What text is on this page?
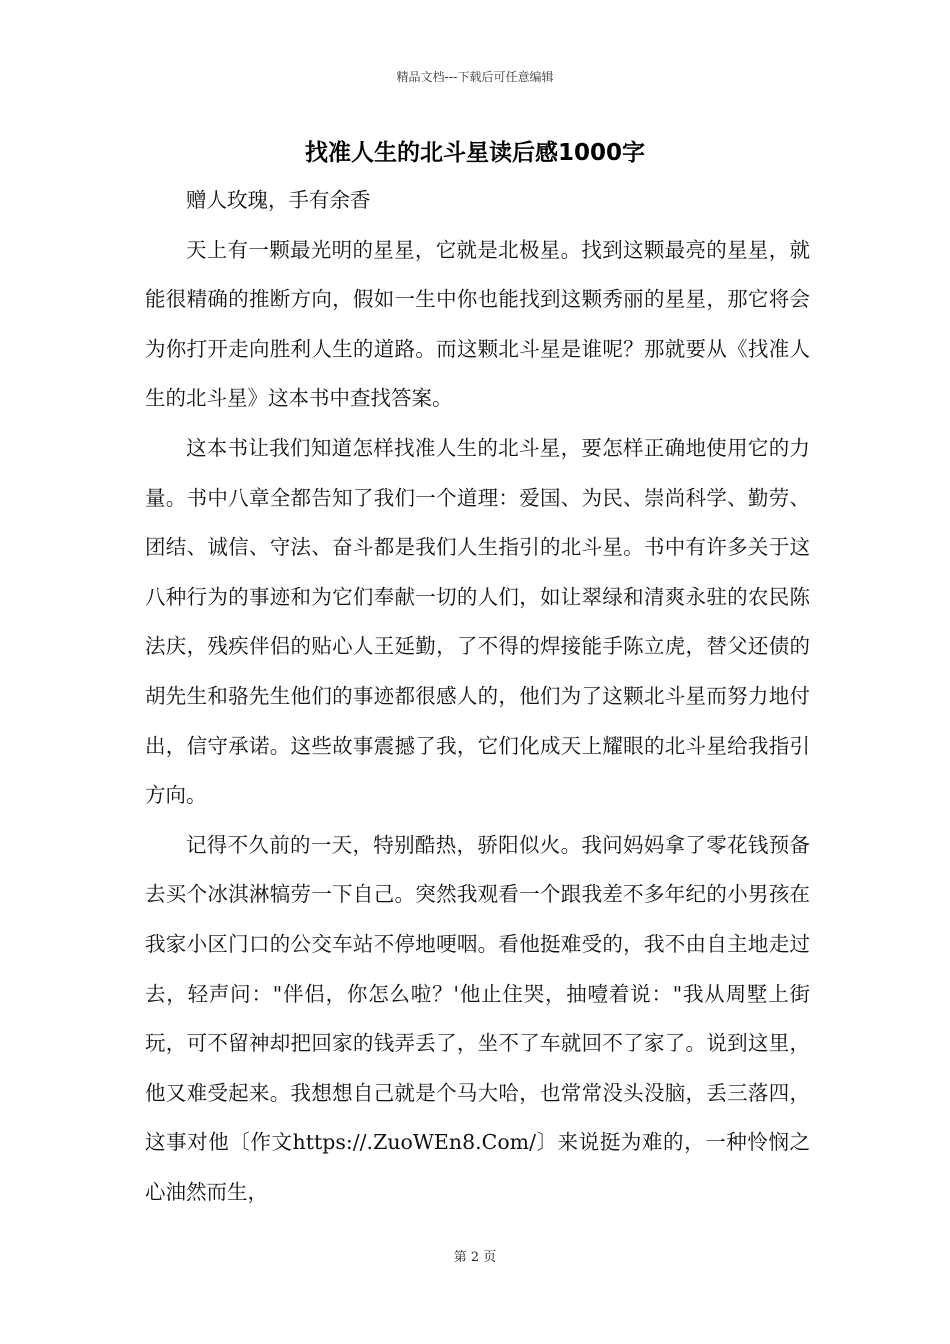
精品文档---下载后可任意编辑
找准人生的北斗星读后感1000字

赠人玫瑰，手有余香

天上有一颗最光明的星星，它就是北极星。找到这颗最亮的星星，就能很精确的推断方向，假如一生中你也能找到这颗秀丽的星星，那它将会为你打开走向胜利人生的道路。而这颗北斗星是谁呢？那就要从《找准人生的北斗星》这本书中查找答案。

这本书让我们知道怎样找准人生的北斗星，要怎样正确地使用它的力量。书中八章全都告知了我们一个道理：爱国、为民、崇尚科学、勤劳、团结、诚信、守法、奋斗都是我们人生指引的北斗星。书中有许多关于这八种行为的事迹和为它们奉献一切的人们，如让翠绿和清爽永驻的农民陈法庆，残疾伴侣的贴心人王延勤，了不得的焊接能手陈立虎，替父还债的胡先生和骆先生他们的事迹都很感人的，他们为了这颗北斗星而努力地付出，信守承诺。这些故事震撼了我，它们化成天上耀眼的北斗星给我指引方向。

记得不久前的一天，特别酷热，骄阳似火。我问妈妈拿了零花钱预备去买个冰淇淋犒劳一下自己。突然我观看一个跟我差不多年纪的小男孩在我家小区门口的公交车站不停地哽咽。看他挺难受的，我不由自主地走过去，轻声问："伴侣，你怎么啦？'他止住哭，抽噎着说："我从周墅上街玩，可不留神却把回家的钱弄丢了，坐不了车就回不了家了。说到这里，他又难受起来。我想想自己就是个马大哈，也常常没头没脑，丢三落四，这事对他〔作文https://.ZuoWEn8.Com/〕来说挺为难的，一种怜悯之心油然而生，

第 2 页
